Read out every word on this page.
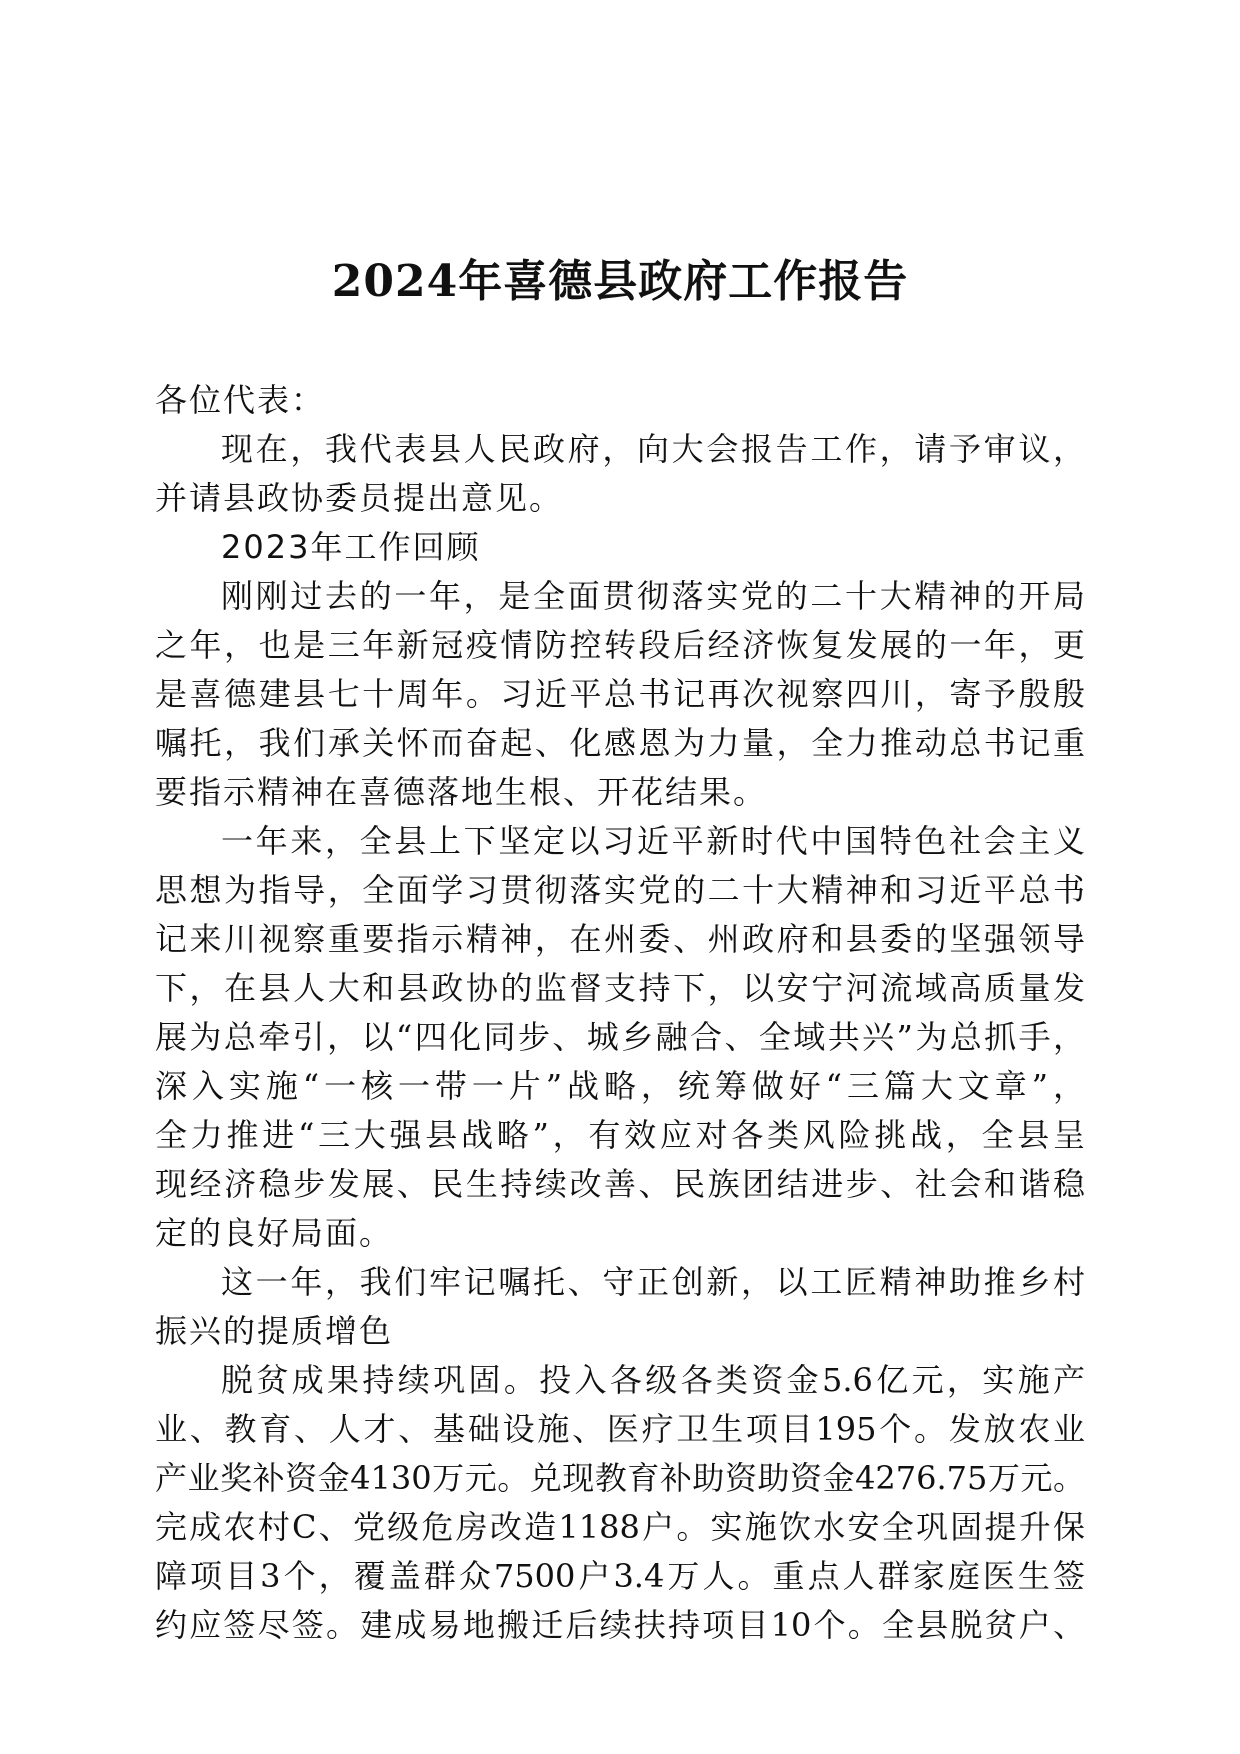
2024年喜德县政府工作报告
各位代表：
现在，我代表县人民政府，向大会报告工作，请予审议，
并请县政协委员提出意见。
2023年工作回顾
刚刚过去的一年，是全面贯彻落实党的二十大精神的开局
之年，也是三年新冠疫情防控转段后经济恢复发展的一年，更
是喜德建县七十周年。习近平总书记再次视察四川，寄予殷殷
嘱托，我们承关怀而奋起、化感恩为力量，全力推动总书记重
要指示精神在喜德落地生根、开花结果。
一年来，全县上下坚定以习近平新时代中国特色社会主义
思想为指导，全面学习贯彻落实党的二十大精神和习近平总书
记来川视察重要指示精神，在州委、州政府和县委的坚强领导
下，在县人大和县政协的监督支持下，以安宁河流域高质量发
展为总牵引，以“四化同步、城乡融合、全域共兴”为总抓手，
深入实施“一核一带一片”战略，统筹做好“三篇大文章”，
全力推进“三大强县战略”，有效应对各类风险挑战，全县呈
现经济稳步发展、民生持续改善、民族团结进步、社会和谐稳
定的良好局面。
这一年，我们牢记嘱托、守正创新，以工匠精神助推乡村
振兴的提质增色
脱贫成果持续巩固。投入各级各类资金5.6亿元，实施产
业、教育、人才、基础设施、医疗卫生项目195个。发放农业
产业奖补资金4130万元。兑现教育补助资助资金4276.75万元。
完成农村C、党级危房改造1188户。实施饮水安全巩固提升保
障项目3个，覆盖群众7500户3.4万人。重点人群家庭医生签
约应签尽签。建成易地搬迁后续扶持项目10个。全县脱贫户、
